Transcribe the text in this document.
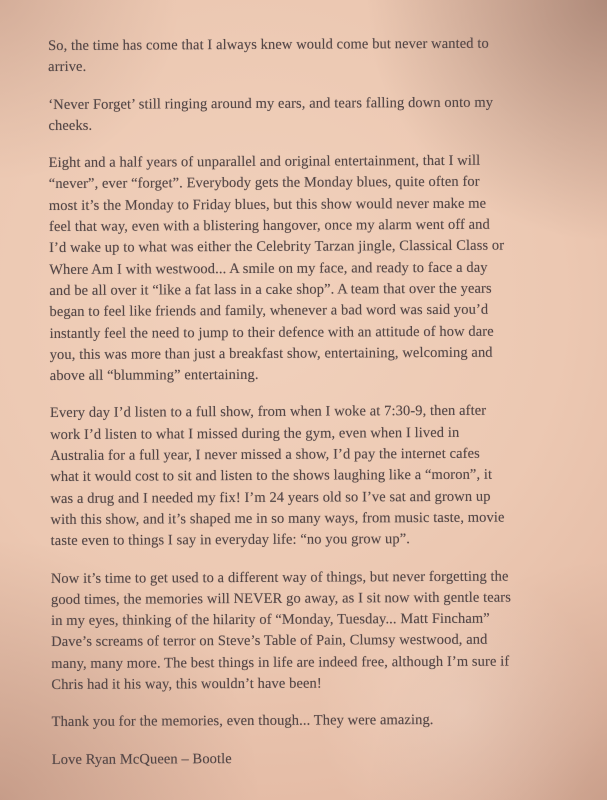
So, the time has come that I always knew would come but never wanted to
arrive.

‘Never Forget’ still ringing around my ears, and tears falling down onto my
cheeks.

Eight and a half years of unparallel and original entertainment, that I will
“never”, ever “forget”. Everybody gets the Monday blues, quite often for
most it’s the Monday to Friday blues, but this show would never make me
feel that way, even with a blistering hangover, once my alarm went off and
I’d wake up to what was either the Celebrity Tarzan jingle, Classical Class or
Where Am I with westwood... A smile on my face, and ready to face a day
and be all over it “like a fat lass in a cake shop”. A team that over the years
began to feel like friends and family, whenever a bad word was said you’d
instantly feel the need to jump to their defence with an attitude of how dare
you, this was more than just a breakfast show, entertaining, welcoming and
above all “blumming” entertaining.

Every day I’d listen to a full show, from when I woke at 7:30-9, then after
work I’d listen to what I missed during the gym, even when I lived in
Australia for a full year, I never missed a show, I’d pay the internet cafes
what it would cost to sit and listen to the shows laughing like a “moron”, it
was a drug and I needed my fix! I’m 24 years old so I’ve sat and grown up
with this show, and it’s shaped me in so many ways, from music taste, movie
taste even to things I say in everyday life: “no you grow up”.

Now it’s time to get used to a different way of things, but never forgetting the
good times, the memories will NEVER go away, as I sit now with gentle tears
in my eyes, thinking of the hilarity of “Monday, Tuesday... Matt Fincham”
Dave’s screams of terror on Steve’s Table of Pain, Clumsy westwood, and
many, many more. The best things in life are indeed free, although I’m sure if
Chris had it his way, this wouldn’t have been!

Thank you for the memories, even though... They were amazing.

Love Ryan McQueen – Bootle
